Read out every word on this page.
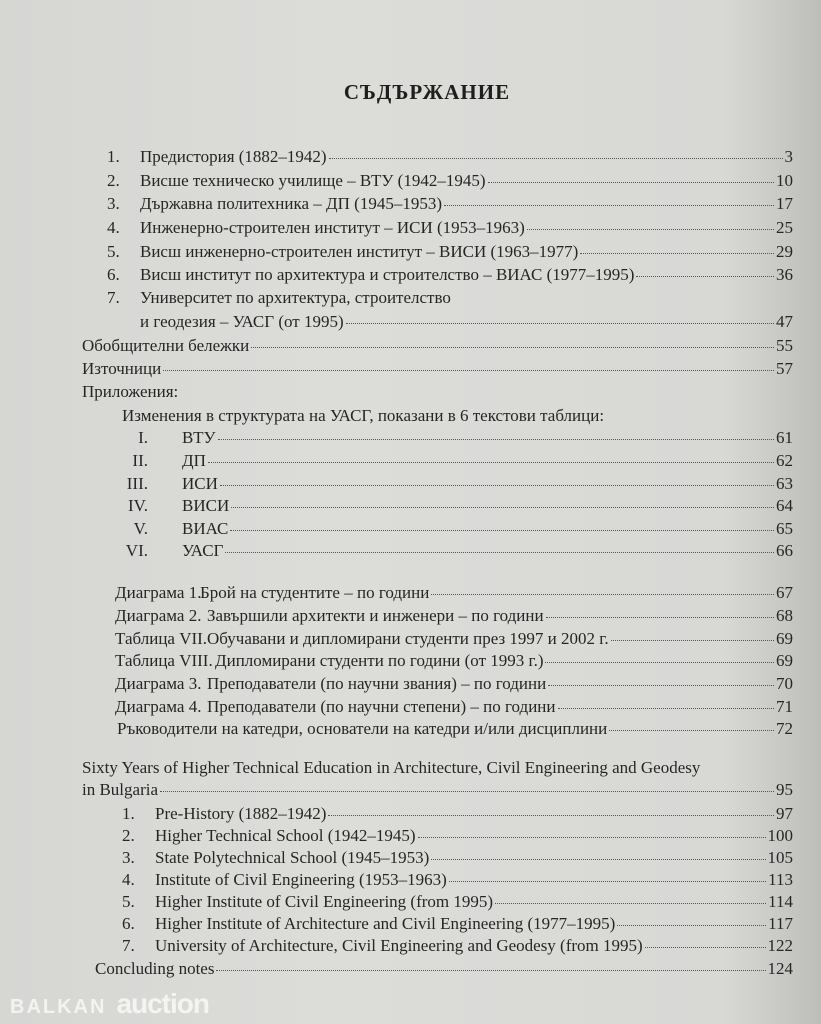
СЪДЪРЖАНИЕ
1.	Предистория (1882–1942)	3
2.	Висше техническо училище – ВТУ (1942–1945)	10
3.	Държавна политехника – ДП (1945–1953)	17
4.	Инженерно-строителен институт – ИСИ (1953–1963)	25
5.	Висш инженерно-строителен институт – ВИСИ (1963–1977)	29
6.	Висш институт по архитектура и строителство – ВИАС (1977–1995)	36
7. Университет по архитектура, строителство
и геодезия – УАСГ (от 1995)	47
Обобщителни бележки	55
Източници	57
Приложения:
Изменения в структурата на УАСГ, показани в 6 текстови таблици:
I.	ВТУ	61
II.	ДП	62
III.	ИСИ	63
IV.	ВИСИ	64
V.	ВИАС	65
VI.	УАСГ	66
Диаграма 1.
Брой на студентите – по години	67
Диаграма 2. Завършили архитекти и инженери – по години	68
Таблица VII. Обучавани и дипломирани студенти през 1997 и 2002 г.	69
Таблица VIII. Дипломирани студенти по години (от 1993 г.)	69
Диаграма 3. Преподаватели (по научни звания) – по години	70
Диаграма 4. Преподаватели (по научни степени) – по години	71
Ръководители на катедри, основатели на катедри и/или дисциплини	72
Sixty Years of Higher Technical Education in Architecture, Civil Engineering and Geodesy
in Bulgaria	95
1.	Pre-History (1882–1942)	97
2.	Higher Technical School (1942–1945)	100
3.	State Polytechnical School (1945–1953)	105
4.	Institute of Civil Engineering (1953–1963)	113
5.	Higher Institute of Civil Engineering (from 1995)	114
6.	Higher Institute of Architecture and Civil Engineering (1977–1995)	117
7.	University of Architecture, Civil Engineering and Geodesy (from 1995)	122
Concluding notes	124
BALKAN auction
